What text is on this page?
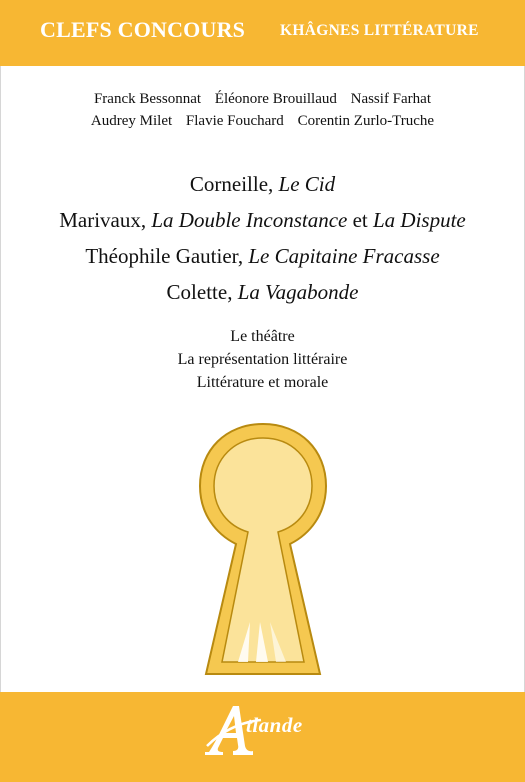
CLEFS CONCOURS KHÂGNES LITTÉRATURE
Franck Bessonnat Éléonore Brouillaud Nassif Farhat
Audrey Milet Flavie Fouchard Corentin Zurlo-Truche
Corneille, Le Cid
Marivaux, La Double Inconstance et La Dispute
Théophile Gautier, Le Capitaine Fracasse
Colette, La Vagabonde
Le théâtre
La représentation littéraire
Littérature et morale
tlande
